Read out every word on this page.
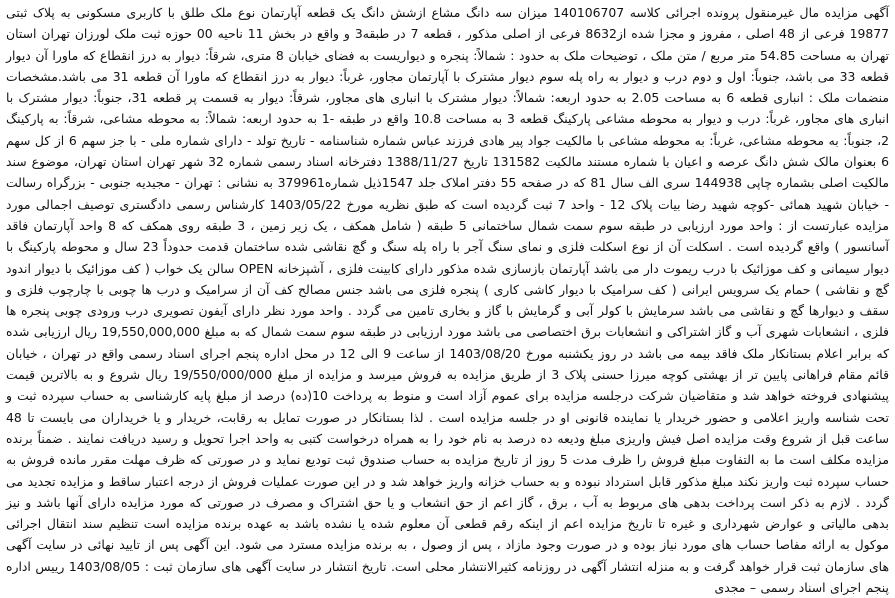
آگهی مزایده مال غیرمنقول پرونده اجرائی کلاسه 140106707 میزان سه دانگ مشاع ازشش دانگ یک قطعه آپارتمان نوع ملک طلق با کاربری مسکونی به پلاک ثبتی 19877 فرعی از 48 اصلی ، مفروز و مجزا شده از8632 فرعی از اصلی مذکور ، قطعه 7 در طبقه3 و واقع در بخش 11 ناحیه 00 حوزه ثبت ملک لورزان تهران استان تهران به مساحت 54.85 متر مربع / متن ملک ، توضیحات ملک به حدود : شمالاً: پنجره و دیواریست به فضای خیابان 8 متری، شرقاً: دیوار به درز انقطاع که ماورا آن دیوار قطعه 33 می باشد، جنوباً: اول و دوم درب و دیوار به راه پله سوم دیوار مشترک با آپارتمان مجاور، غرباً: دیوار به درز انقطاع که ماورا آن قطعه 31 می باشد.مشخصات منضمات ملک : انباری قطعه 6 به مساحت 2.05 به حدود اربعه: شمالاً: دیوار مشترک با انباری های مجاور، شرقاً: دیوار به قسمت پر قطعه 31، جنوباً: دیوار مشترک با انباری های مجاور، غرباً: درب و دیوار به محوطه مشاعی پارکینگ قطعه 3 به مساحت 10.8 واقع در طبقه -1 به حدود اربعه: شمالاً: به محوطه مشاعی، شرقاً: به پارکینگ 2، جنوباً: به محوطه مشاعی، غرباً: به محوطه مشاعی با مالکیت جواد پیر هادی فرزند عباس شماره شناسنامه - تاریخ تولد - دارای شماره ملی - با جز سهم 6 از کل سهم 6 بعنوان مالک شش دانگ عرصه و اعیان با شماره مستند مالکیت 131582 تاریخ 1388/11/27 دفترخانه اسناد رسمی شماره 32 شهر تهران استان تهران، موضوع سند مالکیت اصلی بشماره چاپی 144938 سری الف سال 81 که در صفحه 55 دفتر املاک جلد 1547ذیل شماره379961 به نشانی : تهران - مجیدیه جنوبی - بزرگراه رسالت - خیابان شهید همائی -کوچه شهید رضا بیات پلاک 12 - واحد 7 ثبت گردیده است که طبق نظریه مورخ 1403/05/22 کارشناس رسمی دادگستری توصیف اجمالی مورد مزایده عبارتست از : واحد مورد ارزیابی در طبقه سوم سمت شمال ساختمانی 5 طبقه ( شامل همکف ، یک زیر زمین ، 3 طبقه روی همکف که 8 واحد آپارتمان فاقد آسانسور ) واقع گردیده است . اسکلت آن از نوع اسکلت فلزی و نمای سنگ آجر با راه پله سنگ و گچ نقاشی شده ساختمان قدمت حدوداً 23 سال و محوطه پارکینگ با دیوار سیمانی و کف موزائیک با درب ریموت دار می باشد آپارتمان بازسازی شده مذکور دارای کابینت فلزی ، آشپزخانه OPEN سالن یک خواب ( کف موزائیک با دیوار اندود گچ و نقاشی ) حمام یک سرویس ایرانی ( کف سرامیک با دیوار کاشی کاری ) پنجره فلزی می باشد جنس مصالح کف آن از سرامیک و درب ها چوبی با چارچوب فلزی و سقف و دیوارها گچ و نقاشی می باشد سرمایش با کولر آبی و گرمایش با گاز و بخاری تامین می گردد . واحد مورد نظر دارای آیفون تصویری درب ورودی چوبی پنجره ها فلزی ، انشعابات شهری آب و گاز اشتراکی و انشعابات برق اختصاصی می باشد مورد ارزیابی در طبقه سوم سمت شمال که به مبلغ 19,550,000,000 ریال ارزیابی شده که برابر اعلام بستانکار ملک فاقد بیمه می باشد در روز یکشنبه مورخ 1403/08/20 از ساعت 9 الی 12 در محل اداره پنجم اجرای اسناد رسمی واقع در تهران ، خیابان قائم مقام فراهانی پایین تر از بهشتی کوچه میرزا حسنی پلاک 3 از طریق مزایده به فروش میرسد و مزایده از مبلغ 19/550/000/000 ریال شروع و به بالاترین قیمت پیشنهادی فروخته خواهد شد و متقاضیان شرکت درجلسه مزایده برای عموم آزاد است و منوط به پرداخت 10(ده) درصد از مبلغ پایه کارشناسی به حساب سپرده ثبت و تحت شناسه واریز اعلامی و حضور خریدار یا نماینده قانونی او در جلسه مزایده است . لذا بستانکار در صورت تمایل به رقابت، خریدار و یا خریداران می بایست تا 48 ساعت قبل از شروع وقت مزایده اصل فیش واریزی مبلغ ودیعه ده درصد به نام خود را به همراه درخواست کتبی به واحد اجرا تحویل و رسید دریافت نمایند . ضمناً برنده مزایده مکلف است ما به التفاوت مبلغ فروش را ظرف مدت 5 روز از تاریخ مزایده به حساب صندوق ثبت تودیع نماید و در صورتی که ظرف مهلت مقرر مانده فروش به حساب سپرده ثبت واریز نکند مبلغ مذکور قابل استرداد نبوده و به حساب خزانه واریز خواهد شد و در این صورت عملیات فروش از درجه اعتبار ساقط و مزایده تجدید می گردد . لازم به ذکر است پرداخت بدهی های مربوط به آب ، برق ، گاز اعم از حق انشعاب و یا حق اشتراک و مصرف در صورتی که مورد مزایده دارای آنها باشد و نیز بدهی مالیاتی و عوارض شهرداری و غیره تا تاریخ مزایده اعم از اینکه رقم قطعی آن معلوم شده یا نشده باشد به عهده برنده مزایده است تنظیم سند انتقال اجرائی موکول به ارائه مفاصا حساب های مورد نیاز بوده و در صورت وجود مازاد ، پس از وصول ، به برنده مزایده مسترد می شود. این آگهی پس از تایید نهائی در سایت آگهی های سازمان ثبت قرار خواهد گرفت و به منزله انتشار آگهی در روزنامه کثیرالانتشار محلی است. تاریخ انتشار در سایت آگهی های سازمان ثبت : 1403/08/05 رییس اداره پنجم اجرای اسناد رسمی – مجدی
